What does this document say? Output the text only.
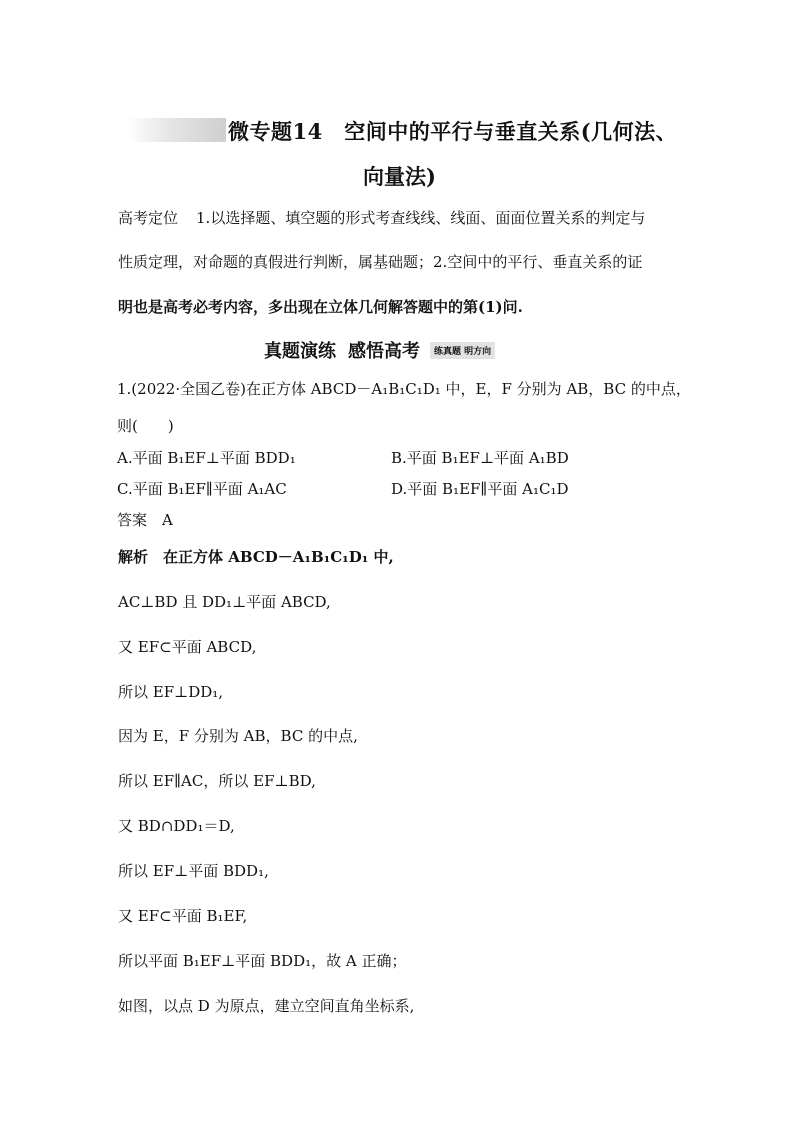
微专题14　空间中的平行与垂直关系(几何法、
向量法)
高考定位 1.以选择题、填空题的形式考查线线、线面、面面位置关系的判定与
性质定理，对命题的真假进行判断，属基础题；2.空间中的平行、垂直关系的证
明也是高考必考内容，多出现在立体几何解答题中的第(1)问.
真题演练 感悟高考	练真题 明方向
1.(2022·全国乙卷)在正方体 ABCD－A₁B₁C₁D₁ 中，E，F 分别为 AB，BC 的中点，
则(　　)
A.平面 B₁EF⊥平面 BDD₁	B.平面 B₁EF⊥平面 A₁BD
C.平面 B₁EF∥平面 A₁AC	D.平面 B₁EF∥平面 A₁C₁D
答案　A
解析　在正方体 ABCD－A₁B₁C₁D₁ 中,
AC⊥BD 且 DD₁⊥平面 ABCD,
又 EF⊂平面 ABCD,
所以 EF⊥DD₁,
因为 E，F 分别为 AB，BC 的中点,
所以 EF∥AC，所以 EF⊥BD,
又 BD∩DD₁＝D,
所以 EF⊥平面 BDD₁,
又 EF⊂平面 B₁EF,
所以平面 B₁EF⊥平面 BDD₁，故 A 正确；
如图，以点 D 为原点，建立空间直角坐标系,
